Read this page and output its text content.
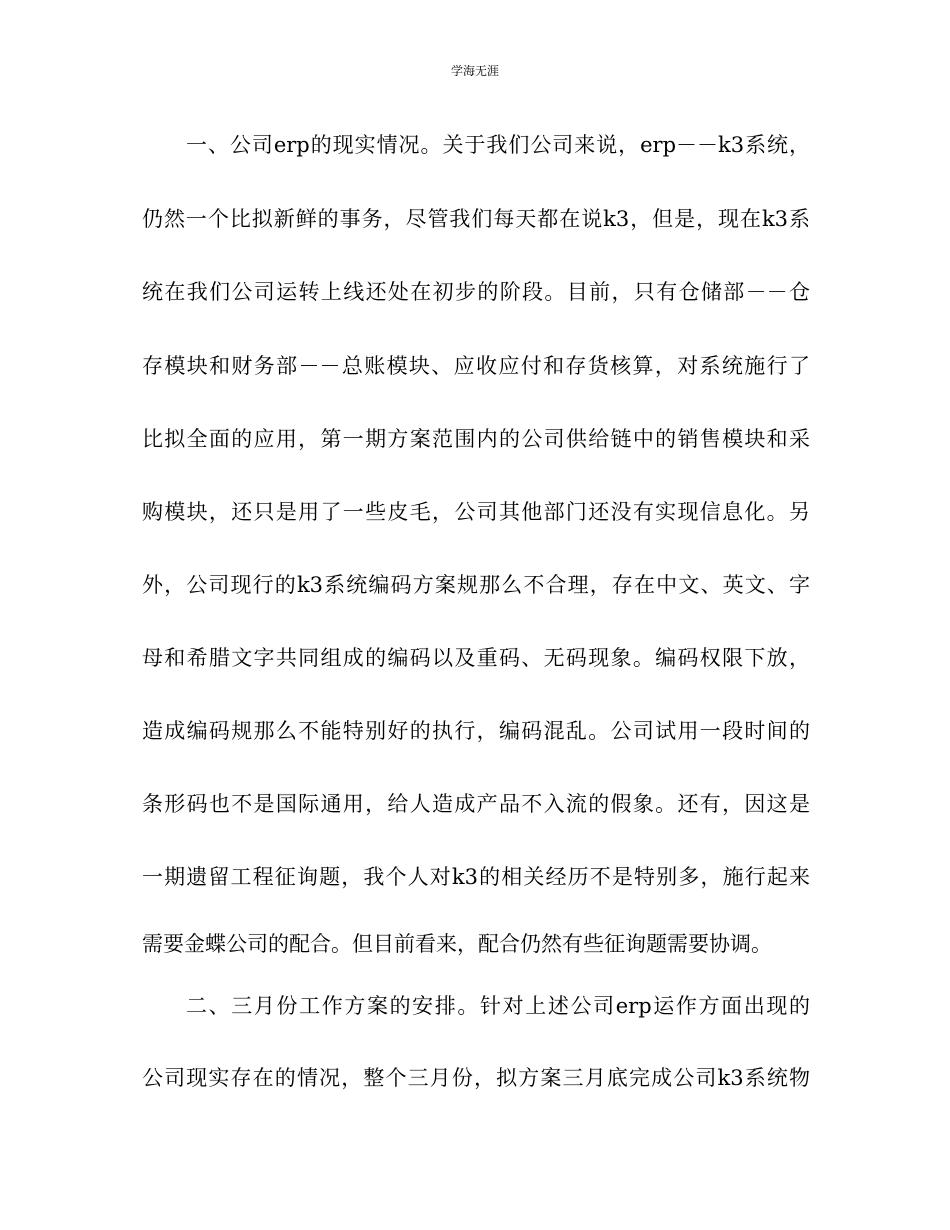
学海无涯
一、公司erp的现实情况。关于我们公司来说，erp－－k3系统，
仍然一个比拟新鲜的事务，尽管我们每天都在说k3，但是，现在k3系
统在我们公司运转上线还处在初步的阶段。目前，只有仓储部－－仓
存模块和财务部－－总账模块、应收应付和存货核算，对系统施行了
比拟全面的应用，第一期方案范围内的公司供给链中的销售模块和采
购模块，还只是用了一些皮毛，公司其他部门还没有实现信息化。另
外，公司现行的k3系统编码方案规那么不合理，存在中文、英文、字
母和希腊文字共同组成的编码以及重码、无码现象。编码权限下放，
造成编码规那么不能特别好的执行，编码混乱。公司试用一段时间的
条形码也不是国际通用，给人造成产品不入流的假象。还有，因这是
一期遗留工程征询题，我个人对k3的相关经历不是特别多，施行起来
需要金蝶公司的配合。但目前看来，配合仍然有些征询题需要协调。
二、三月份工作方案的安排。针对上述公司erp运作方面出现的
公司现实存在的情况，整个三月份，拟方案三月底完成公司k3系统物
